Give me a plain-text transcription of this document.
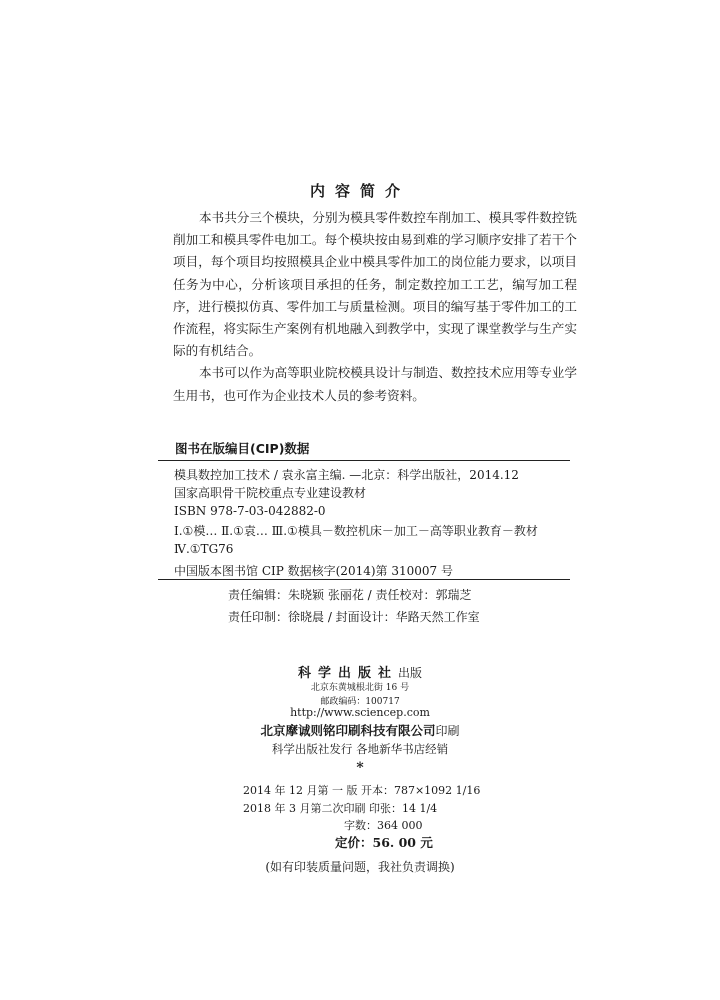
内容简介

本书共分三个模块，分别为模具零件数控车削加工、模具零件数控铣削加工和模具零件电加工。每个模块按由易到难的学习顺序安排了若干个项目，每个项目均按照模具企业中模具零件加工的岗位能力要求，以项目任务为中心，分析该项目承担的任务，制定数控加工工艺，编写加工程序，进行模拟仿真、零件加工与质量检测。项目的编写基于零件加工的工作流程，将实际生产案例有机地融入到教学中，实现了课堂教学与生产实际的有机结合。

本书可以作为高等职业院校模具设计与制造、数控技术应用等专业学生用书，也可作为企业技术人员的参考资料。

图书在版编目(CIP)数据
模具数控加工技术 / 袁永富主编. —北京：科学出版社，2014.12
国家高职骨干院校重点专业建设教材
ISBN 978-7-03-042882-0
Ⅰ.①模… Ⅱ.①袁… Ⅲ.①模具－数控机床－加工－高等职业教育－教材
Ⅳ.①TG76
中国版本图书馆 CIP 数据核字(2014)第 310007 号
责任编辑：朱晓颖 张丽花 / 责任校对：郭瑞芝
责任印制：徐晓晨 / 封面设计：华路天然工作室
科学出版社出版
北京东黄城根北街 16 号
邮政编码：100717
http://www.sciencep.com
北京摩诚则铭印刷科技有限公司印刷
科学出版社发行 各地新华书店经销
*
2014 年 12 月第 一 版 开本：787×1092 1/16
2018 年 3 月第二次印刷 印张：14 1/4
字数：364 000
定价：56. 00 元
(如有印装质量问题，我社负责调换)
